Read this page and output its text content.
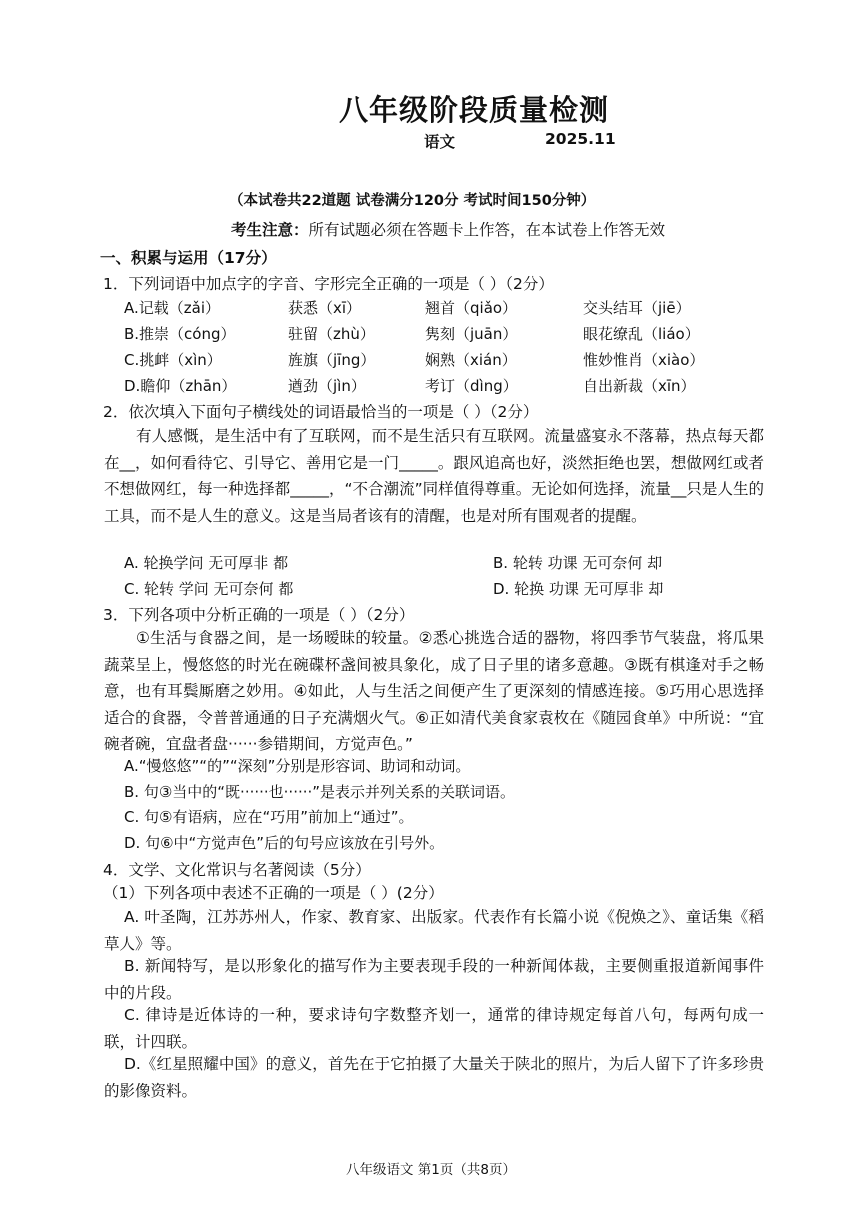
八年级阶段质量检测
语文	2025.11
（本试卷共22道题 试卷满分120分 考试时间150分钟）
考生注意：所有试题必须在答题卡上作答，在本试卷上作答无效
一、积累与运用（17分）
1．下列词语中加点字的字音、字形完全正确的一项是（ ）（2分）
A.记载（zǎi）	获悉（xī）	翘首（qiǎo）	交头结耳（jiē）
B.推崇（cóng）	驻留（zhù）	隽刻（juān）	眼花缭乱（liáo）
C.挑衅（xìn）	旌旗（jīng）	娴熟（xián）	惟妙惟肖（xiào）
D.瞻仰（zhān）	遒劲（jìn）	考订（dìng）	自出新裁（xīn）
2．依次填入下面句子横线处的词语最恰当的一项是（ ）（2分）
有人感慨，是生活中有了互联网，而不是生活只有互联网。流量盛宴永不落幕，热点每天都在__，如何看待它、引导它、善用它是一门_____。跟风追高也好，淡然拒绝也罢，想做网红或者不想做网红，每一种选择都_____，“不合潮流”同样值得尊重。无论如何选择，流量__只是人生的工具，而不是人生的意义。这是当局者该有的清醒，也是对所有围观者的提醒。
A. 轮换学问 无可厚非 都	B. 轮转 功课 无可奈何 却
C. 轮转 学问 无可奈何 都	D. 轮换 功课 无可厚非 却
3．下列各项中分析正确的一项是（ ）（2分）
①生活与食器之间，是一场暧昧的较量。②悉心挑选合适的器物，将四季节气装盘，将瓜果蔬菜呈上，慢悠悠的时光在碗碟杯盏间被具象化，成了日子里的诸多意趣。③既有棋逢对手之畅意，也有耳鬓厮磨之妙用。④如此，人与生活之间便产生了更深刻的情感连接。⑤巧用心思选择适合的食器，令普普通通的日子充满烟火气。⑥正如清代美食家袁枚在《随园食单》中所说：“宜碗者碗，宜盘者盘······参错期间，方觉声色。”
A.“慢悠悠”“的”“深刻”分别是形容词、助词和动词。
B. 句③当中的“既······也······”是表示并列关系的关联词语。
C. 句⑤有语病，应在“巧用”前加上“通过”。
D. 句⑥中“方觉声色”后的句号应该放在引号外。
4．文学、文化常识与名著阅读（5分）
（1）下列各项中表述不正确的一项是（ ）(2分）
A. 叶圣陶，江苏苏州人，作家、教育家、出版家。代表作有长篇小说《倪焕之》、童话集《稻草人》等。
B. 新闻特写，是以形象化的描写作为主要表现手段的一种新闻体裁，主要侧重报道新闻事件中的片段。
C. 律诗是近体诗的一种，要求诗句字数整齐划一，通常的律诗规定每首八句，每两句成一联，计四联。
D.《红星照耀中国》的意义，首先在于它拍摄了大量关于陕北的照片，为后人留下了许多珍贵的影像资料。
八年级语文 第1页（共8页）
